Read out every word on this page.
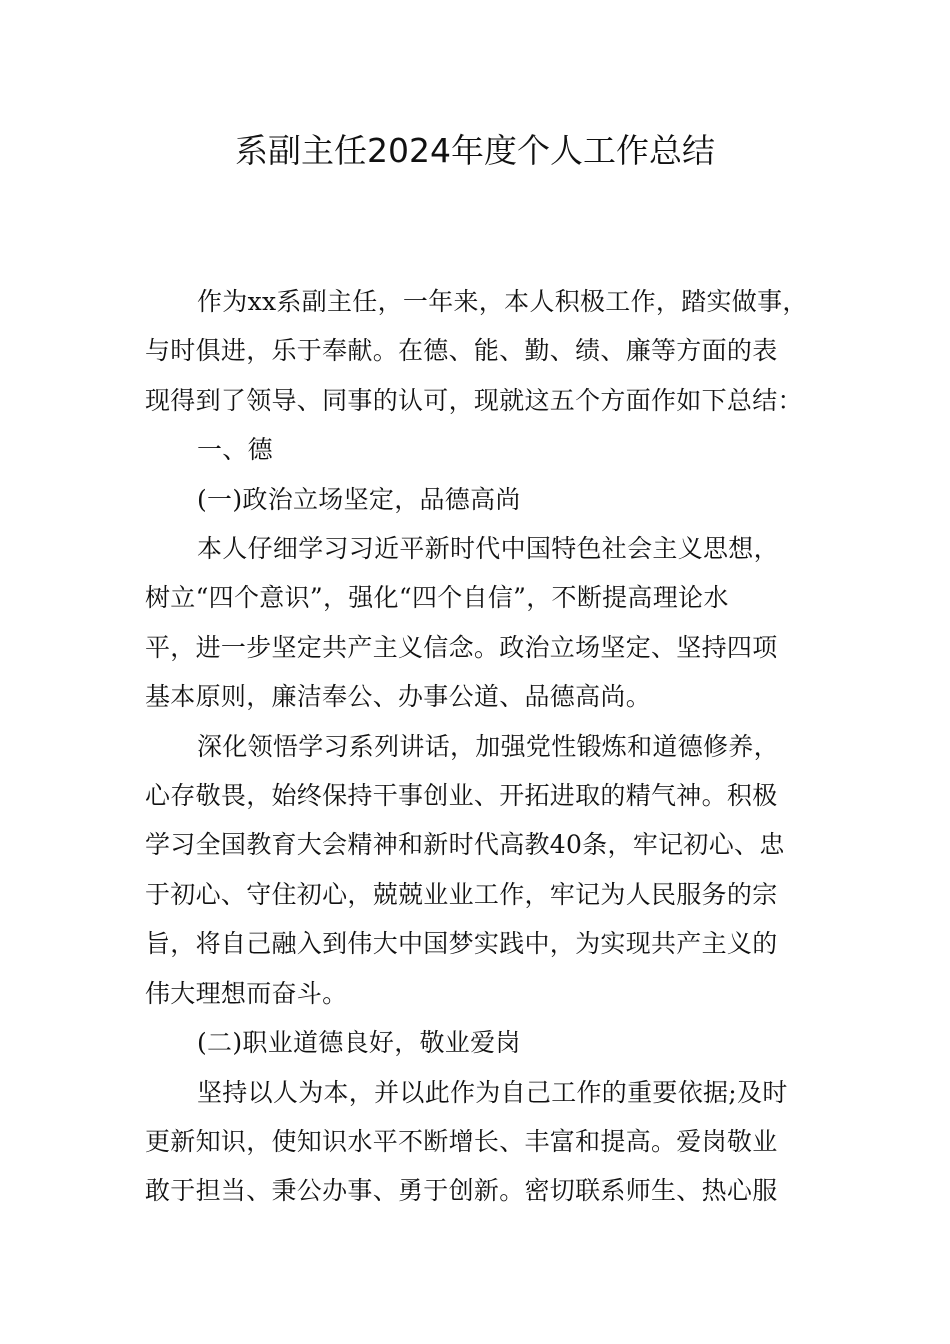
系副主任2024年度个人工作总结

作为xx系副主任，一年来，本人积极工作，踏实做事，

与时俱进，乐于奉献。在德、能、勤、绩、廉等方面的表

现得到了领导、同事的认可，现就这五个方面作如下总结：

一、德

(一)政治立场坚定，品德高尚

本人仔细学习习近平新时代中国特色社会主义思想，

树立“四个意识”，强化“四个自信”，不断提高理论水

平，进一步坚定共产主义信念。政治立场坚定、坚持四项

基本原则，廉洁奉公、办事公道、品德高尚。

深化领悟学习系列讲话，加强党性锻炼和道德修养，

心存敬畏，始终保持干事创业、开拓进取的精气神。积极

学习全国教育大会精神和新时代高教40条，牢记初心、忠

于初心、守住初心，兢兢业业工作，牢记为人民服务的宗

旨，将自己融入到伟大中国梦实践中，为实现共产主义的

伟大理想而奋斗。

(二)职业道德良好，敬业爱岗

坚持以人为本，并以此作为自己工作的重要依据;及时

更新知识，使知识水平不断增长、丰富和提高。爱岗敬业

敢于担当、秉公办事、勇于创新。密切联系师生、热心服
